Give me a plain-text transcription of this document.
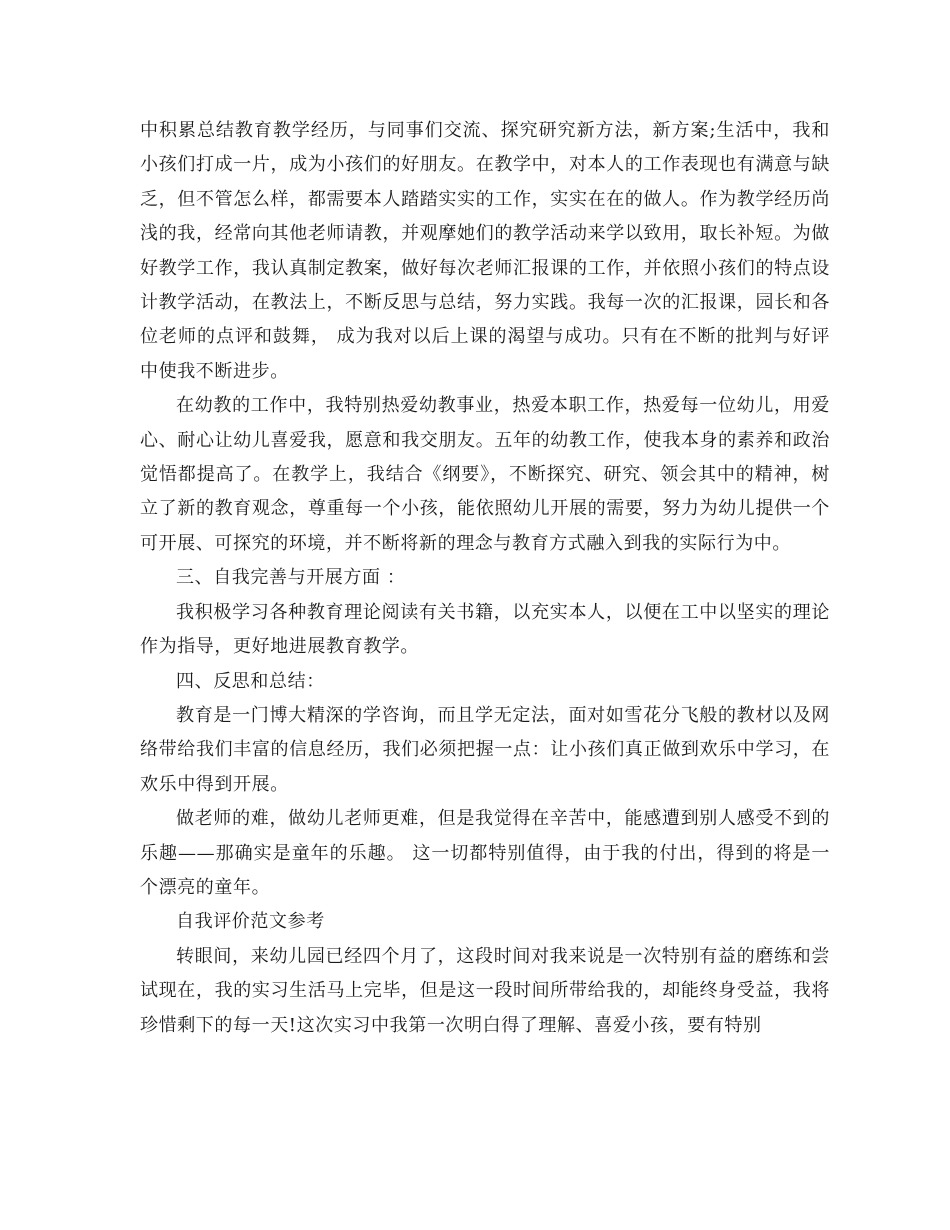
中积累总结教育教学经历，与同事们交流、探究研究新方法，新方案;生活中，我和小孩们打成一片，成为小孩们的好朋友。在教学中，对本人的工作表现也有满意与缺乏，但不管怎么样，都需要本人踏踏实实的工作，实实在在的做人。作为教学经历尚浅的我，经常向其他老师请教，并观摩她们的教学活动来学以致用，取长补短。为做好教学工作，我认真制定教案，做好每次老师汇报课的工作，并依照小孩们的特点设计教学活动，在教法上，不断反思与总结，努力实践。我每一次的汇报课，园长和各位老师的点评和鼓舞， 成为我对以后上课的渴望与成功。只有在不断的批判与好评中使我不断进步。

在幼教的工作中，我特别热爱幼教事业，热爱本职工作，热爱每一位幼儿，用爱心、耐心让幼儿喜爱我，愿意和我交朋友。五年的幼教工作，使我本身的素养和政治觉悟都提高了。在教学上，我结合《纲要》，不断探究、研究、领会其中的精神，树立了新的教育观念，尊重每一个小孩，能依照幼儿开展的需要，努力为幼儿提供一个可开展、可探究的环境，并不断将新的理念与教育方式融入到我的实际行为中。

三、自我完善与开展方面 ：

我积极学习各种教育理论阅读有关书籍，以充实本人，以便在工中以坚实的理论作为指导，更好地进展教育教学。

四、反思和总结：

教育是一门博大精深的学咨询，而且学无定法，面对如雪花分飞般的教材以及网络带给我们丰富的信息经历，我们必须把握一点：让小孩们真正做到欢乐中学习，在欢乐中得到开展。

做老师的难，做幼儿老师更难，但是我觉得在辛苦中，能感遭到别人感受不到的乐趣——那确实是童年的乐趣。 这一切都特别值得，由于我的付出，得到的将是一个漂亮的童年。

自我评价范文参考

转眼间，来幼儿园已经四个月了，这段时间对我来说是一次特别有益的磨练和尝试现在，我的实习生活马上完毕，但是这一段时间所带给我的，却能终身受益，我将珍惜剩下的每一天!这次实习中我第一次明白得了理解、喜爱小孩，要有特别
